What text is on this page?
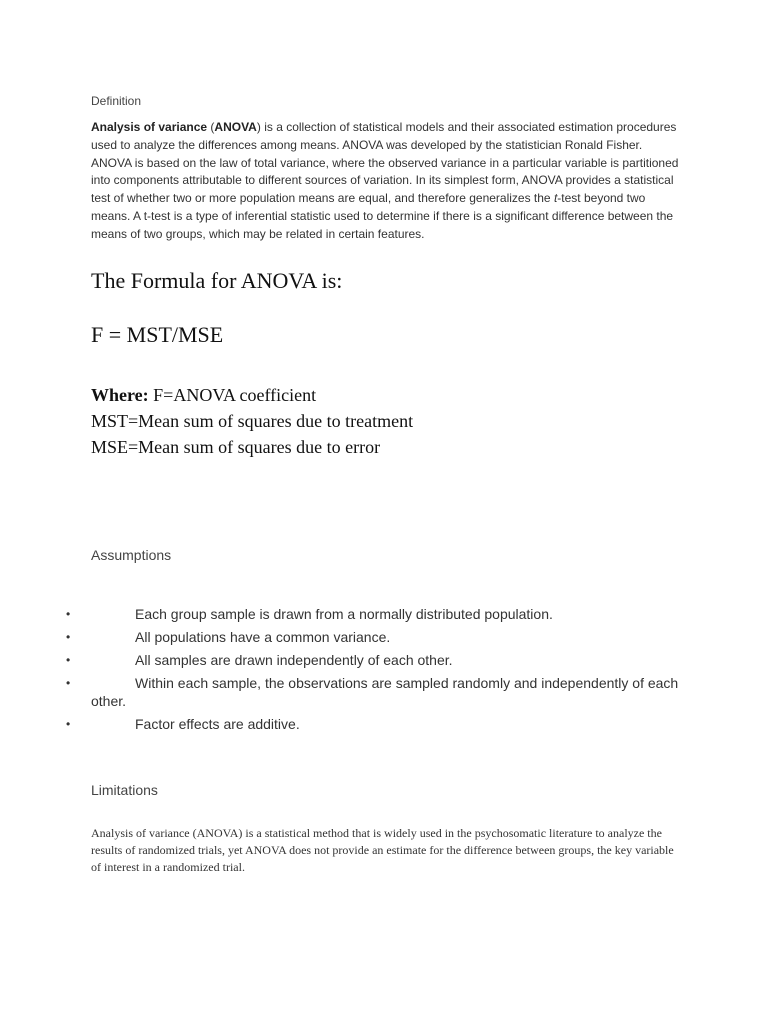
Definition

Analysis of variance (ANOVA) is a collection of statistical models and their associated estimation procedures used to analyze the differences among means. ANOVA was developed by the statistician Ronald Fisher. ANOVA is based on the law of total variance, where the observed variance in a particular variable is partitioned into components attributable to different sources of variation. In its simplest form, ANOVA provides a statistical test of whether two or more population means are equal, and therefore generalizes the t-test beyond two means. A t-test is a type of inferential statistic used to determine if there is a significant difference between the means of two groups, which may be related in certain features.

The Formula for ANOVA is:
F = MST/MSE
Where: F=ANOVA coefficient
MST=Mean sum of squares due to treatment
MSE=Mean sum of squares due to error
Assumptions
•	Each group sample is drawn from a normally distributed population.
•	All populations have a common variance.
•	All samples are drawn independently of each other.
•	Within each sample, the observations are sampled randomly and independently of each other.
•	Factor effects are additive.
Limitations

Analysis of variance (ANOVA) is a statistical method that is widely used in the psychosomatic literature to analyze the results of randomized trials, yet ANOVA does not provide an estimate for the difference between groups, the key variable of interest in a randomized trial.
